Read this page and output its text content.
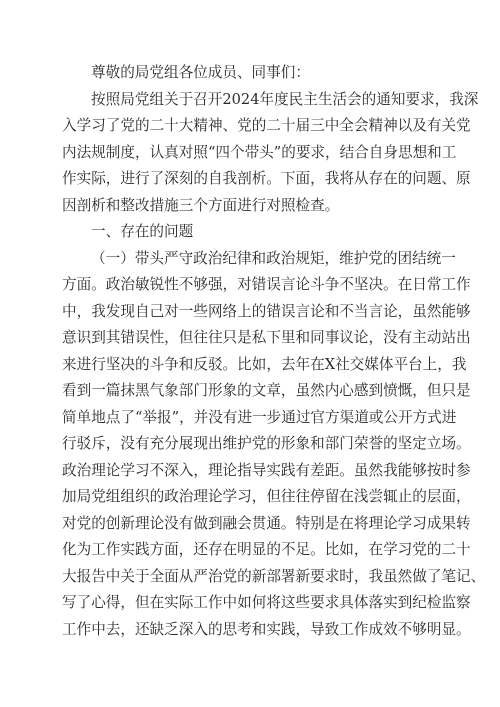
尊敬的局党组各位成员、同事们：
按照局党组关于召开2024年度民主生活会的通知要求，我深
入学习了党的二十大精神、党的二十届三中全会精神以及有关党
内法规制度，认真对照“四个带头”的要求，结合自身思想和工
作实际，进行了深刻的自我剖析。下面，我将从存在的问题、原
因剖析和整改措施三个方面进行对照检查。
一、存在的问题
（一）带头严守政治纪律和政治规矩，维护党的团结统一
方面。政治敏锐性不够强，对错误言论斗争不坚决。在日常工作
中，我发现自己对一些网络上的错误言论和不当言论，虽然能够
意识到其错误性，但往往只是私下里和同事议论，没有主动站出
来进行坚决的斗争和反驳。比如，去年在X社交媒体平台上，我
看到一篇抹黑气象部门形象的文章，虽然内心感到愤慨，但只是
简单地点了“举报”，并没有进一步通过官方渠道或公开方式进
行驳斥，没有充分展现出维护党的形象和部门荣誉的坚定立场。
政治理论学习不深入，理论指导实践有差距。虽然我能够按时参
加局党组组织的政治理论学习，但往往停留在浅尝辄止的层面，
对党的创新理论没有做到融会贯通。特别是在将理论学习成果转
化为工作实践方面，还存在明显的不足。比如，在学习党的二十
大报告中关于全面从严治党的新部署新要求时，我虽然做了笔记、
写了心得，但在实际工作中如何将这些要求具体落实到纪检监察
工作中去，还缺乏深入的思考和实践，导致工作成效不够明显。
